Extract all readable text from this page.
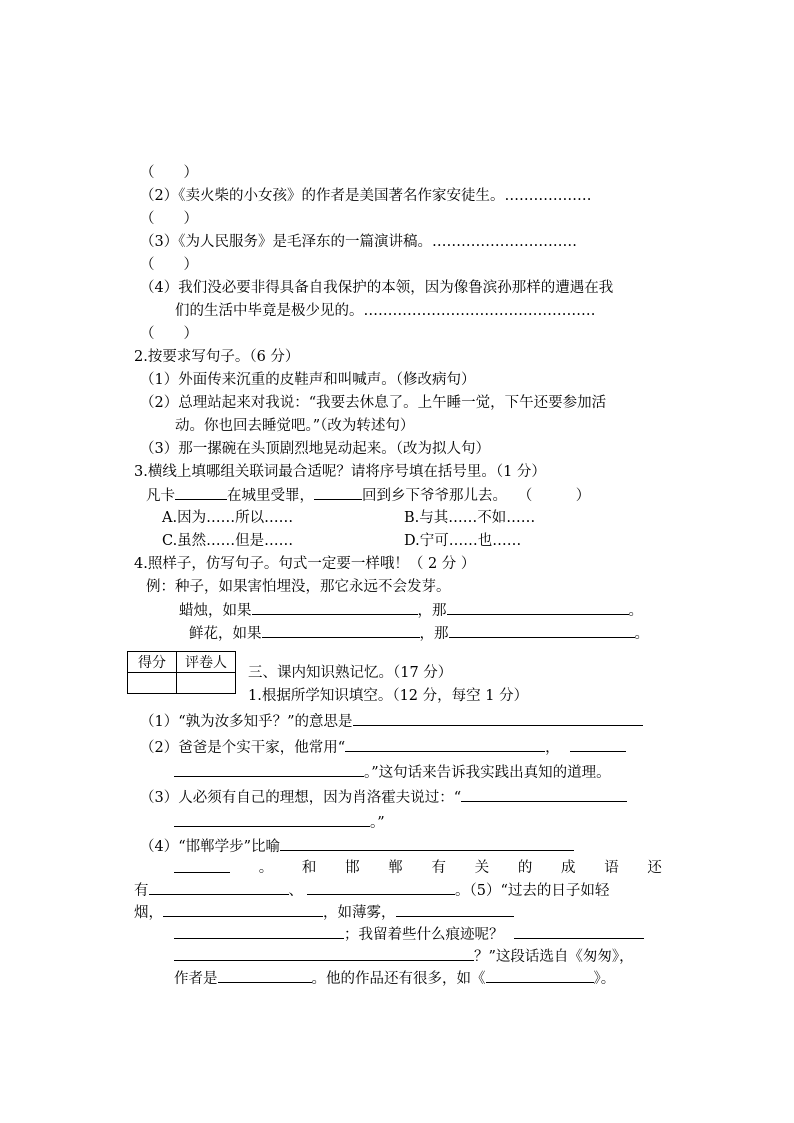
（　　）
（2）《卖火柴的小女孩》的作者是美国著名作家安徒生。………………
（　　）
（3）《为人民服务》是毛泽东的一篇演讲稿。…………………………
（　　）
（4）我们没必要非得具备自我保护的本领，因为像鲁滨孙那样的遭遇在我
们的生活中毕竟是极少见的。…………………………………………
（　　）
2.按要求写句子。（6 分）
（1）外面传来沉重的皮鞋声和叫喊声。（修改病句）
（2）总理站起来对我说：“我要去休息了。上午睡一觉，下午还要参加活
动。你也回去睡觉吧。”（改为转述句）
（3）那一摞碗在头顶剧烈地晃动起来。（改为拟人句）
3.横线上填哪组关联词最合适呢？请将序号填在括号里。（1 分）
凡卡	在城里受罪，	回到乡下爷爷那儿去。 （　　　）
A.因为……所以……	B.与其……不如……
C.虽然……但是……	D.宁可……也……
4.照样子，仿写句子。句式一定要一样哦！（ 2 分 ）
例：种子，如果害怕埋没，那它永远不会发芽。
蜡烛，如果	，那	。
鲜花，如果	，那	。
得分	评卷人

三、课内知识熟记忆。（17 分）
1.根据所学知识填空。（12 分，每空 1 分）
（1）“孰为汝多知乎？”的意思是
（2）爸爸是个实干家，他常用“	，
。”这句话来告诉我实践出真知的道理。
（3）人必须有自己的理想，因为肖洛霍夫说过：“
。”
（4）“邯郸学步”比喻
。 和 邯 郸 有 关 的 成 语 还
有	、	。（5）“过去的日子如轻
烟，	，如薄雾，
；我留着些什么痕迹呢？
？”这段话选自《匆匆》，
作者是	。他的作品还有很多，如《	》。
